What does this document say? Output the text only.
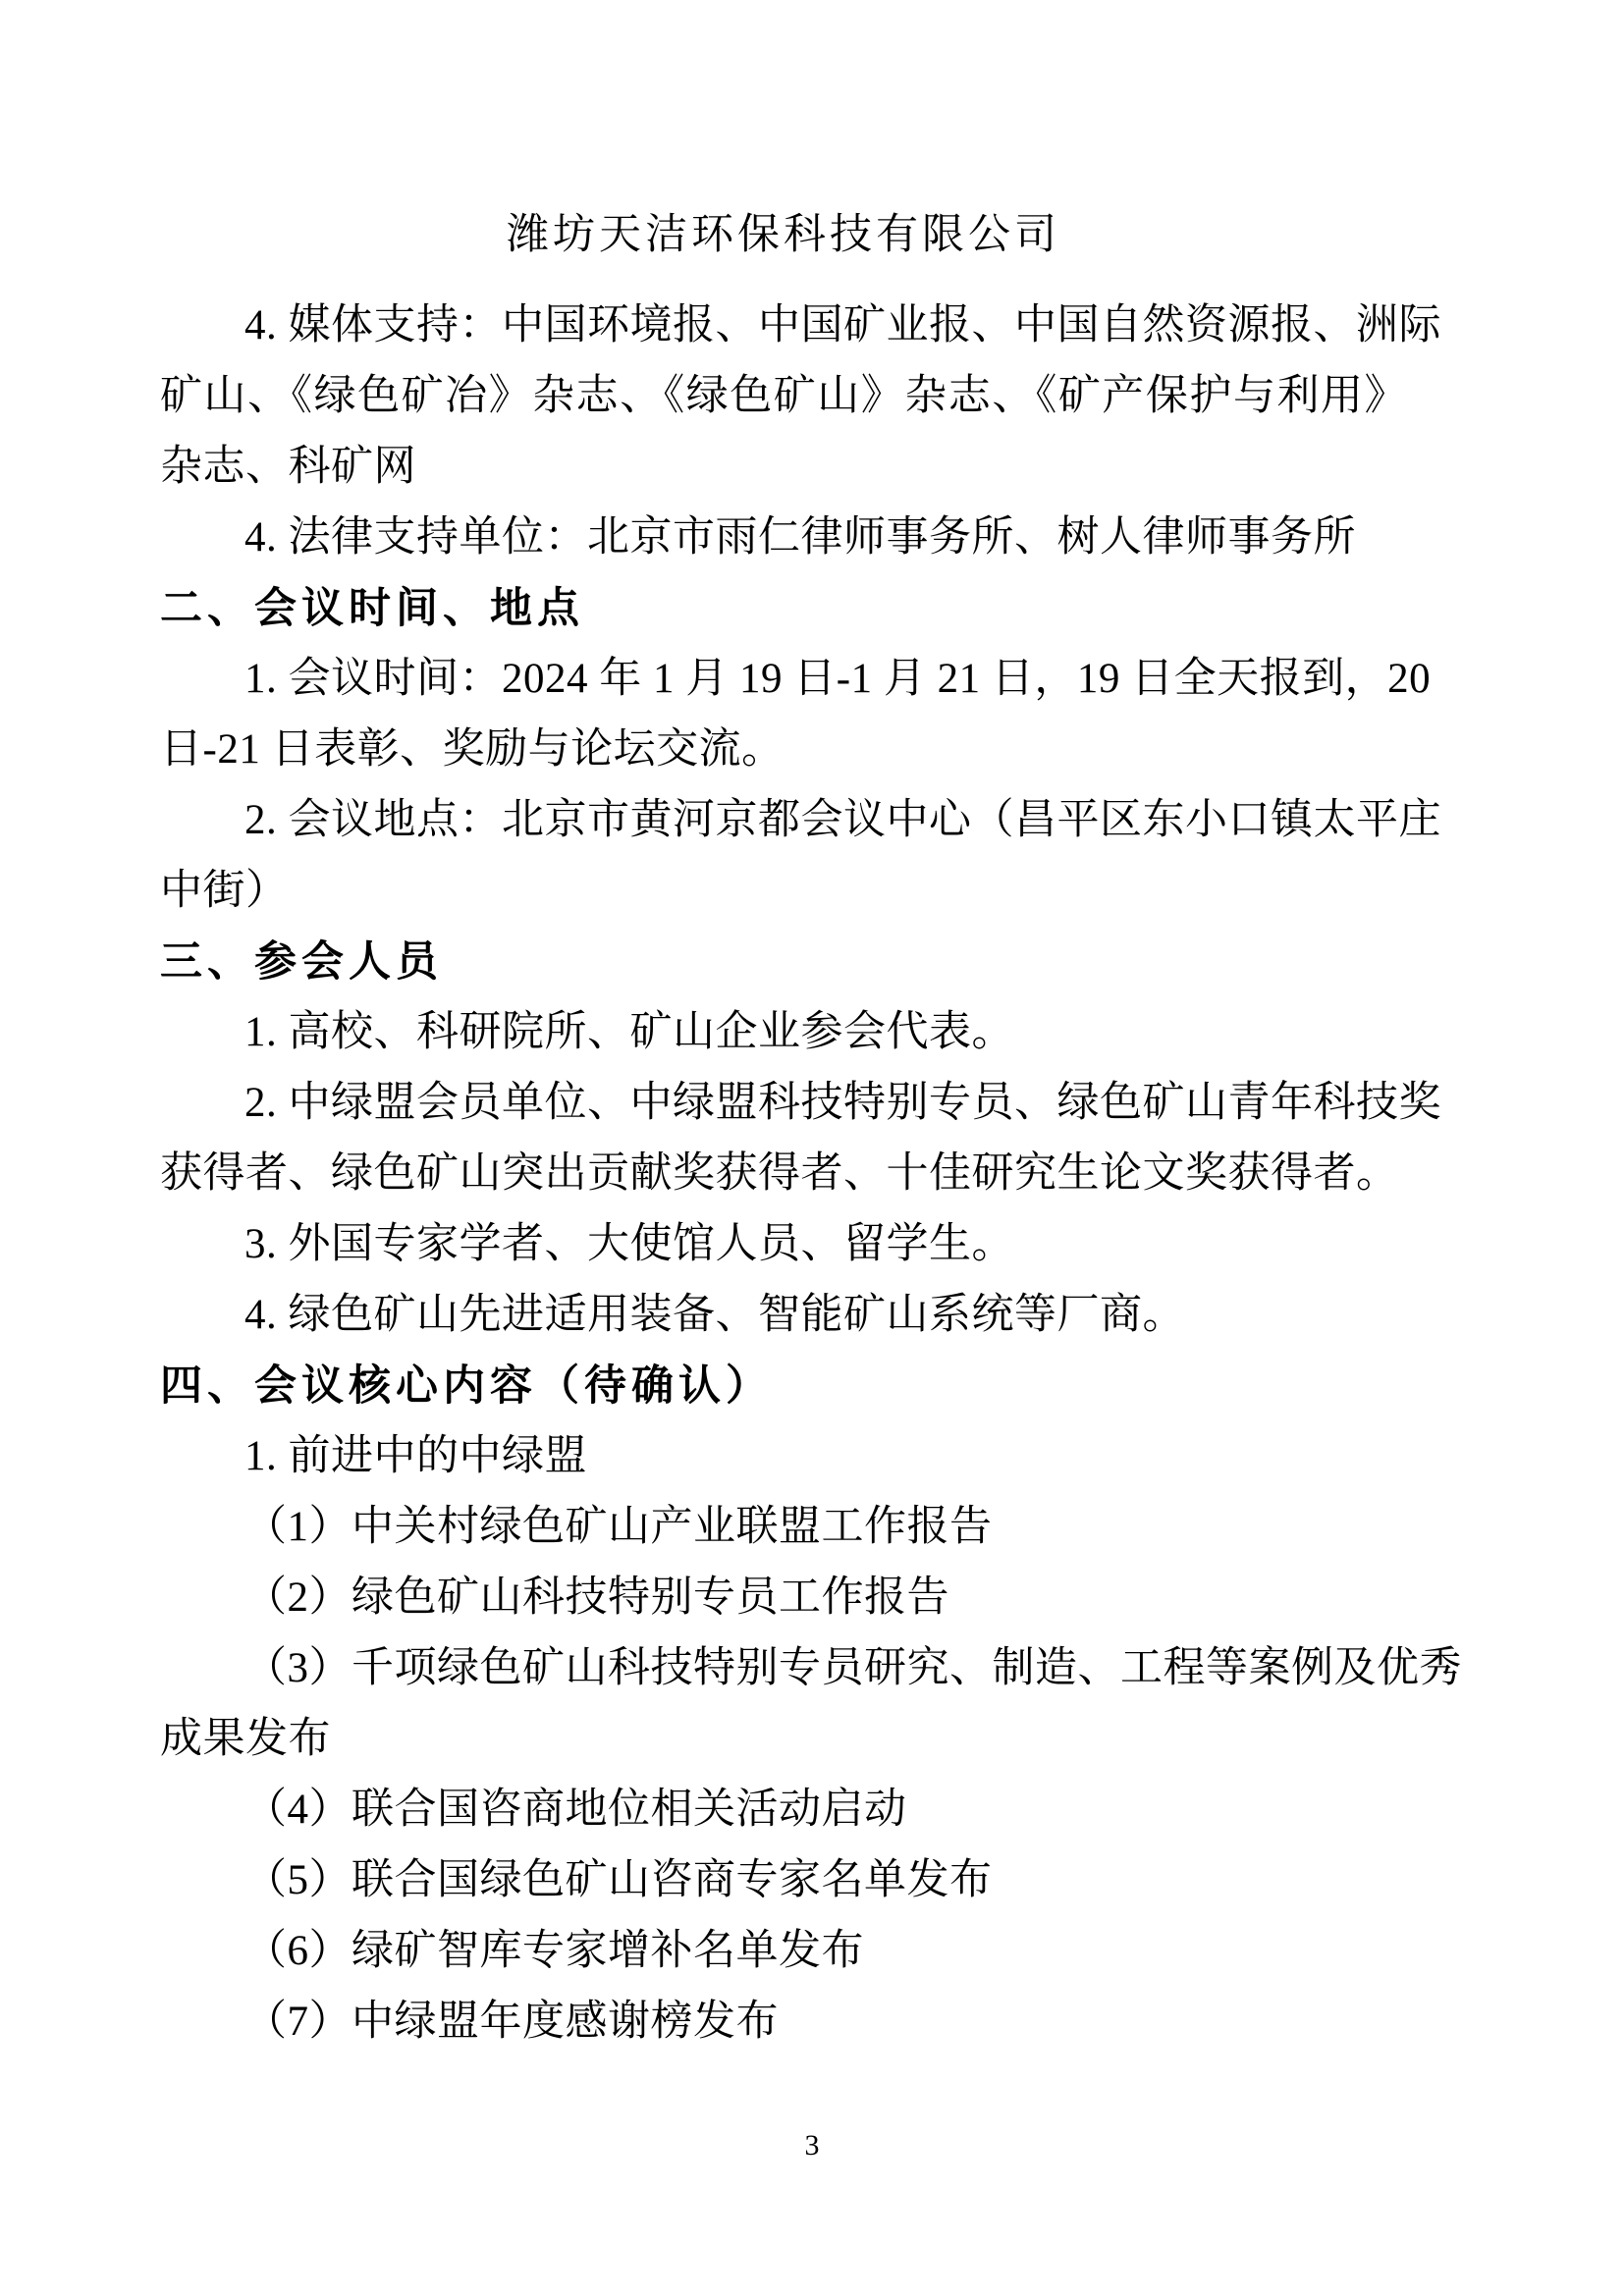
潍坊天洁环保科技有限公司
4. 媒体支持：中国环境报、中国矿业报、中国自然资源报、洲际
矿山、《绿色矿冶》杂志、《绿色矿山》杂志、《矿产保护与利用》
杂志、科矿网
4. 法律支持单位：北京市雨仁律师事务所、树人律师事务所
二、会议时间、地点
1. 会议时间：2024 年 1 月 19 日-1 月 21 日，19 日全天报到，20
日-21 日表彰、奖励与论坛交流。
2. 会议地点：北京市黄河京都会议中心（昌平区东小口镇太平庄
中街）
三、参会人员
1. 高校、科研院所、矿山企业参会代表。
2. 中绿盟会员单位、中绿盟科技特别专员、绿色矿山青年科技奖
获得者、绿色矿山突出贡献奖获得者、十佳研究生论文奖获得者。
3. 外国专家学者、大使馆人员、留学生。
4. 绿色矿山先进适用装备、智能矿山系统等厂商。
四、会议核心内容（待确认）
1. 前进中的中绿盟
（1）中关村绿色矿山产业联盟工作报告
（2）绿色矿山科技特别专员工作报告
（3）千项绿色矿山科技特别专员研究、制造、工程等案例及优秀
成果发布
（4）联合国咨商地位相关活动启动
（5）联合国绿色矿山咨商专家名单发布
（6）绿矿智库专家增补名单发布
（7）中绿盟年度感谢榜发布
3
